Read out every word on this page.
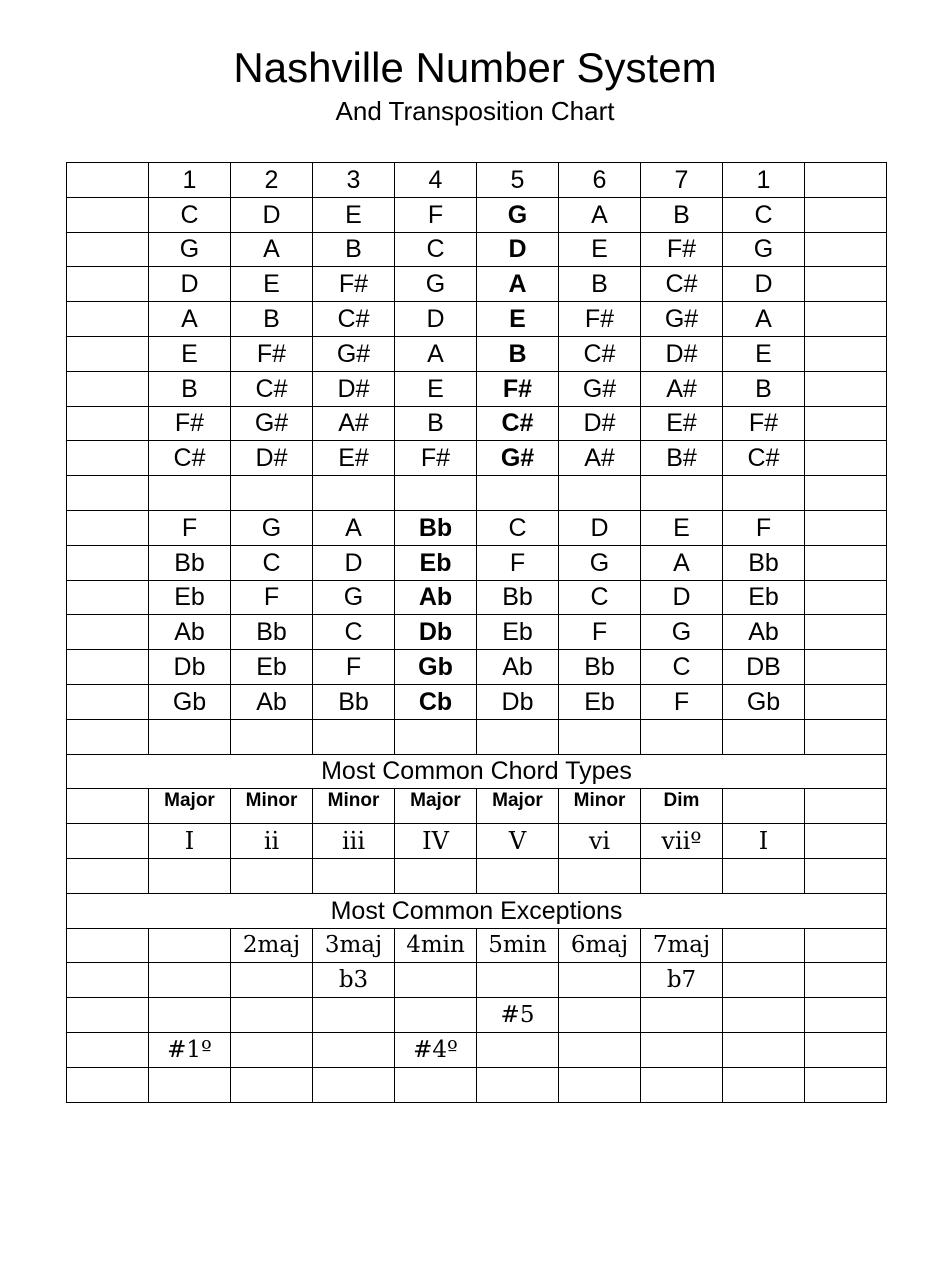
Nashville Number System
And Transposition Chart
	1	2	3	4	5	6	7	1	
	C	D	E	F	G	A	B	C	
	G	A	B	C	D	E	F#	G	
	D	E	F#	G	A	B	C#	D	
	A	B	C#	D	E	F#	G#	A	
	E	F#	G#	A	B	C#	D#	E	
	B	C#	D#	E	F#	G#	A#	B	
	F#	G#	A#	B	C#	D#	E#	F#	
	C#	D#	E#	F#	G#	A#	B#	C#	

	F	G	A	Bb	C	D	E	F	
	Bb	C	D	Eb	F	G	A	Bb	
	Eb	F	G	Ab	Bb	C	D	Eb	
	Ab	Bb	C	Db	Eb	F	G	Ab	
	Db	Eb	F	Gb	Ab	Bb	C	DB	
	Gb	Ab	Bb	Cb	Db	Eb	F	Gb	

Most Common Chord Types									
	Major	Minor	Minor	Major	Major	Minor	Dim		
	I	ii	iii	IV	V	vi	viiº	I	

Most Common Exceptions									
		2maj	3maj	4min	5min	6maj	7maj		
			b3				b7		
					#5				
	#1º			#4º					
